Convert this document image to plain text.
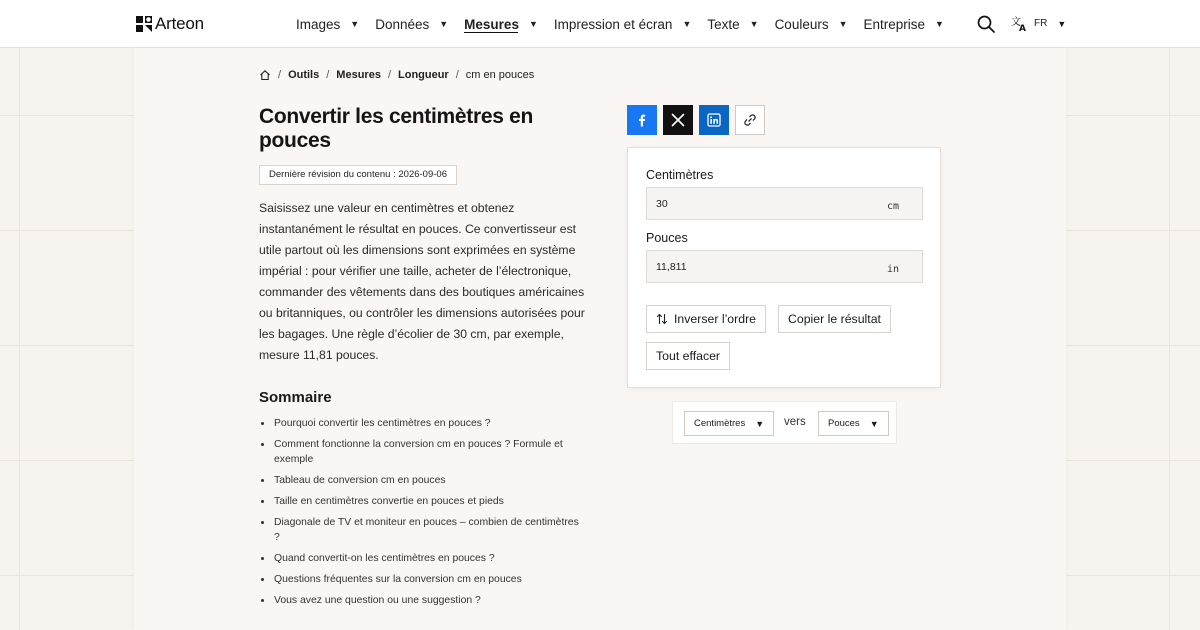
Arteon	Images ▼ Données ▼ Mesures ▼ Impression et écran ▼ Texte ▼ Couleurs ▼ Entreprise ▼	文
A FR ▼
/ Outils / Mesures / Longueur / cm en pouces
Convertir les centimètres en pouces
Dernière révision du contenu : 2026-09-06

Saisissez une valeur en centimètres et obtenez instantanément le résultat en pouces. Ce convertisseur est utile partout où les dimensions sont exprimées en système impérial : pour vérifier une taille, acheter de l’électronique, commander des vêtements dans des boutiques américaines ou britanniques, ou contrôler les dimensions autorisées pour les bagages. Une règle d’écolier de 30 cm, par exemple, mesure 11,81 pouces.

Sommaire
Pourquoi convertir les centimètres en pouces ?
Comment fonctionne la conversion cm en pouces ? Formule et exemple
Tableau de conversion cm en pouces
Taille en centimètres convertie en pouces et pieds
Diagonale de TV et moniteur en pouces – combien de centimètres ?
Quand convertit-on les centimètres en pouces ?
Questions fréquentes sur la conversion cm en pouces
Vous avez une question ou une suggestion ?
Centimètres
30	cm
Pouces
11,811	in
Inverser l’ordre	Copier le résultat
Tout effacer
Centimètres ▼ vers Pouces ▼
